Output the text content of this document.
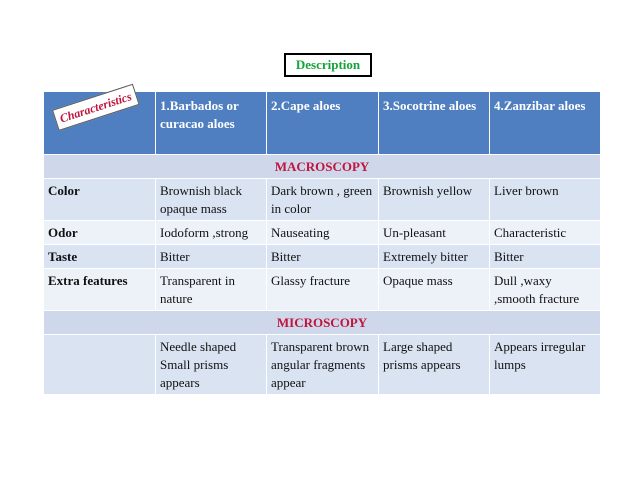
Description
Characteristics	1.Barbados or curacao aloes	2.Cape aloes	3.Socotrine aloes	4.Zanzibar aloes
MACROSCOPY				
Color	Brownish black opaque mass	Dark brown , green in color	Brownish yellow	Liver brown
Odor	Iodoform ,strong	Nauseating	Un-pleasant	Characteristic
Taste	Bitter	Bitter	Extremely bitter	Bitter
Extra features	Transparent in nature	Glassy fracture	Opaque mass	Dull ,waxy ,smooth fracture
MICROSCOPY				
	Needle shaped Small prisms appears	Transparent brown angular fragments appear	Large shaped prisms appears	Appears irregular lumps
